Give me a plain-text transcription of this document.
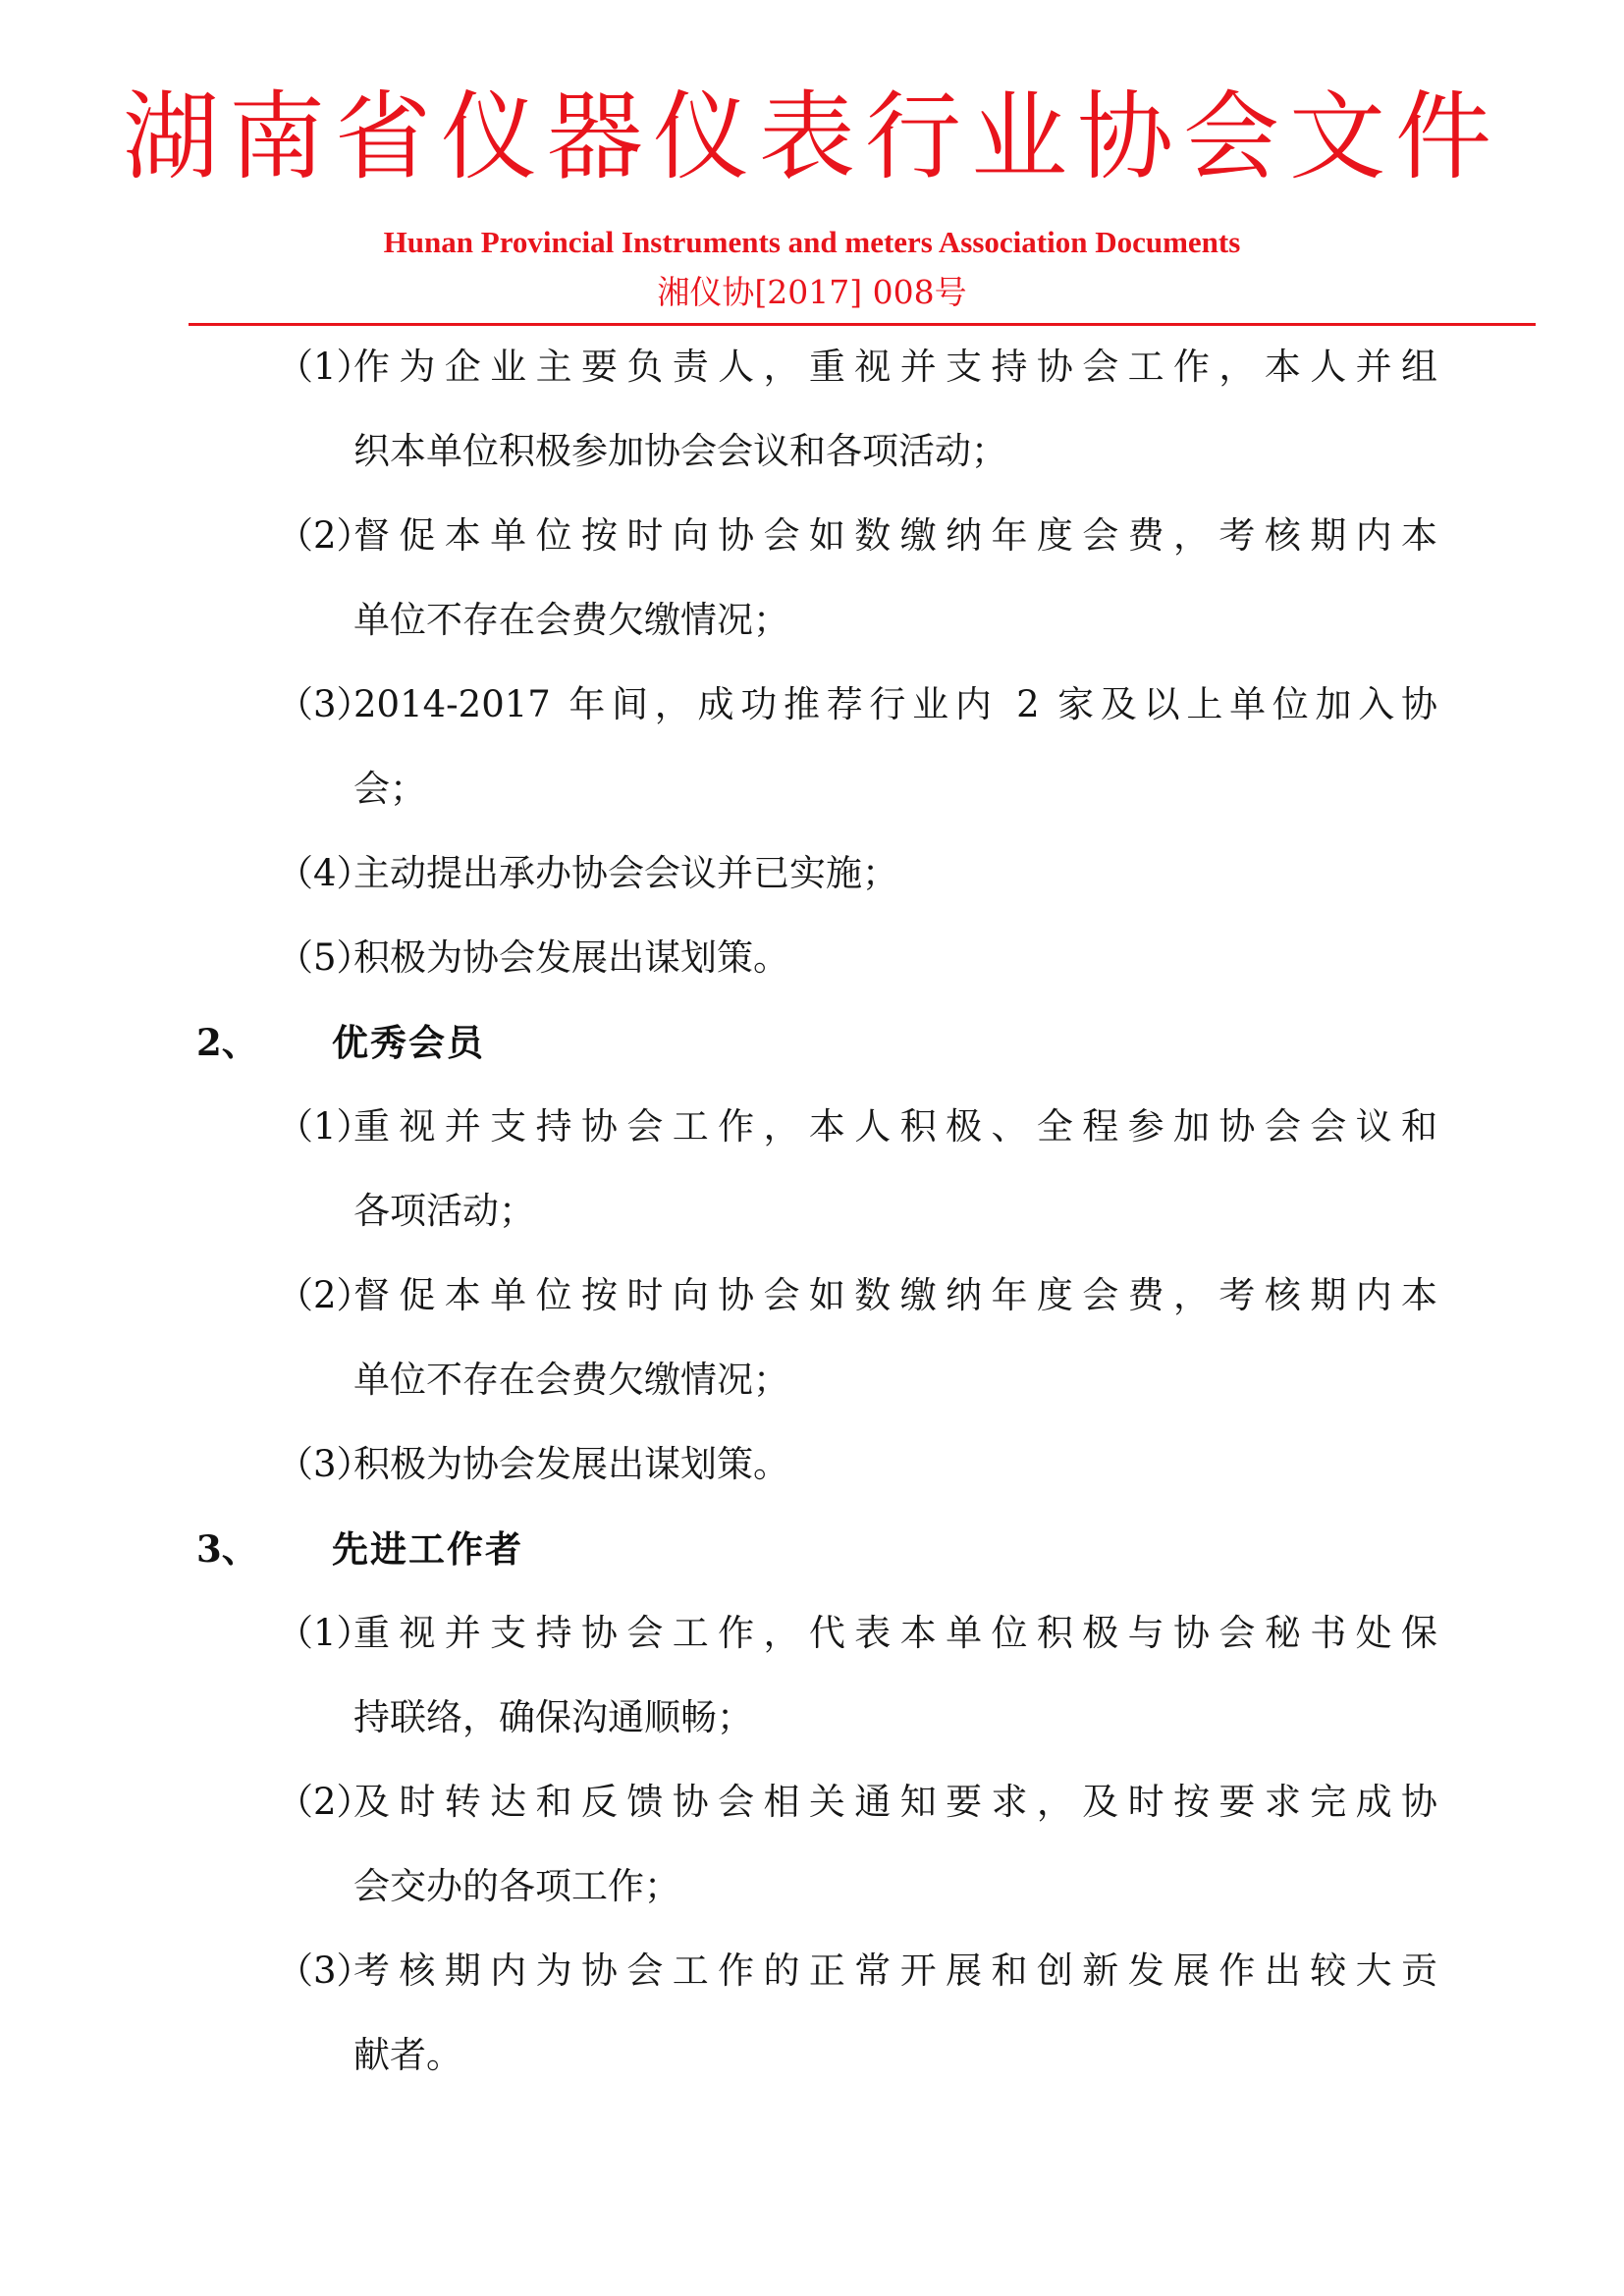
湖南省仪器仪表行业协会文件
Hunan Provincial Instruments and meters Association Documents
湘仪协[2017] 008号
（1）
作为企业主要负责人，重视并支持协会工作，本人并组
织本单位积极参加协会会议和各项活动；
（2）
督促本单位按时向协会如数缴纳年度会费，考核期内本
单位不存在会费欠缴情况；
（3）
2014-2017 年间，成功推荐行业内 2 家及以上单位加入协
会；
（4）
主动提出承办协会会议并已实施；
（5）
积极为协会发展出谋划策。
2、 优秀会员
（1）
重视并支持协会工作，本人积极、全程参加协会会议和
各项活动；
（2）
督促本单位按时向协会如数缴纳年度会费，考核期内本
单位不存在会费欠缴情况；
（3）
积极为协会发展出谋划策。
3、 先进工作者
（1）
重视并支持协会工作，代表本单位积极与协会秘书处保
持联络，确保沟通顺畅；
（2）
及时转达和反馈协会相关通知要求，及时按要求完成协
会交办的各项工作；
（3）
考核期内为协会工作的正常开展和创新发展作出较大贡
献者。
